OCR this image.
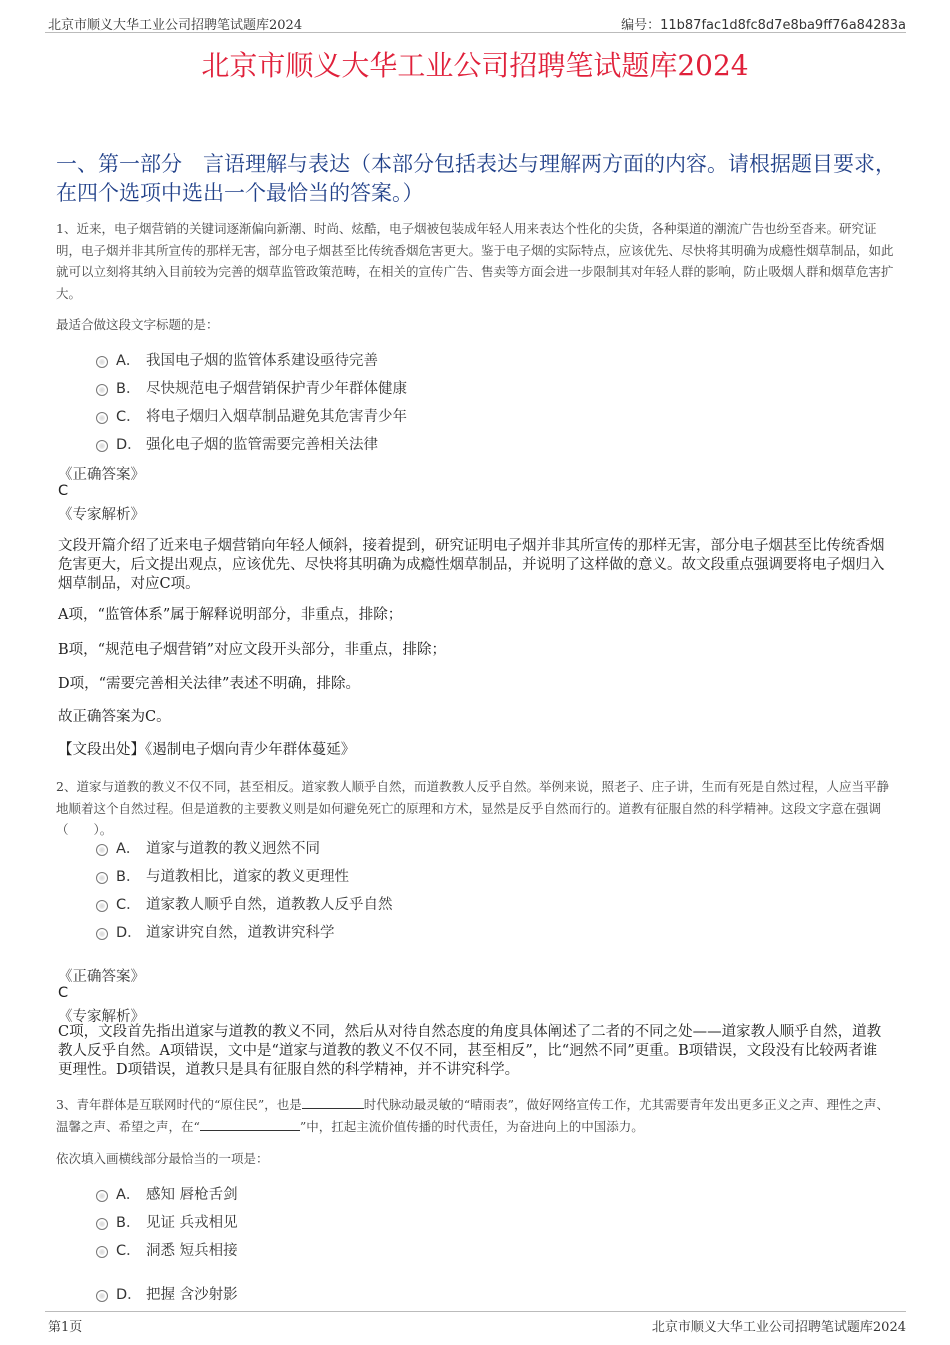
北京市顺义大华工业公司招聘笔试题库2024	编号：11b87fac1d8fc8d7e8ba9ff76a84283a
北京市顺义大华工业公司招聘笔试题库2024
一、第一部分　言语理解与表达（本部分包括表达与理解两方面的内容。请根据题目要求，在四个选项中选出一个最恰当的答案。）
1、近来，电子烟营销的关键词逐渐偏向新潮、时尚、炫酷，电子烟被包装成年轻人用来表达个性化的尖货，各种渠道的潮流广告也纷至沓来。研究证明，电子烟并非其所宣传的那样无害，部分电子烟甚至比传统香烟危害更大。鉴于电子烟的实际特点，应该优先、尽快将其明确为成瘾性烟草制品，如此就可以立刻将其纳入目前较为完善的烟草监管政策范畴，在相关的宣传广告、售卖等方面会进一步限制其对年轻人群的影响，防止吸烟人群和烟草危害扩大。
最适合做这段文字标题的是：
A． 我国电子烟的监管体系建设亟待完善
B． 尽快规范电子烟营销保护青少年群体健康
C． 将电子烟归入烟草制品避免其危害青少年
D． 强化电子烟的监管需要完善相关法律
《正确答案》
C
《专家解析》
文段开篇介绍了近来电子烟营销向年轻人倾斜，接着提到，研究证明电子烟并非其所宣传的那样无害，部分电子烟甚至比传统香烟危害更大，后文提出观点，应该优先、尽快将其明确为成瘾性烟草制品，并说明了这样做的意义。故文段重点强调要将电子烟归入烟草制品，对应C项。
A项，“监管体系”属于解释说明部分，非重点，排除；
B项，“规范电子烟营销”对应文段开头部分，非重点，排除；
D项，“需要完善相关法律”表述不明确，排除。
故正确答案为C。
【文段出处】《遏制电子烟向青少年群体蔓延》
2、道家与道教的教义不仅不同，甚至相反。道家教人顺乎自然，而道教教人反乎自然。举例来说，照老子、庄子讲，生而有死是自然过程，人应当平静地顺着这个自然过程。但是道教的主要教义则是如何避免死亡的原理和方术，显然是反乎自然而行的。道教有征服自然的科学精神。这段文字意在强调（　　）。
A． 道家与道教的教义迥然不同
B． 与道教相比，道家的教义更理性
C． 道家教人顺乎自然，道教教人反乎自然
D． 道家讲究自然，道教讲究科学
《正确答案》
C
《专家解析》
C项，文段首先指出道家与道教的教义不同，然后从对待自然态度的角度具体阐述了二者的不同之处——道家教人顺乎自然，道教教人反乎自然。A项错误，文中是“道家与道教的教义不仅不同，甚至相反”，比“迥然不同”更重。B项错误，文段没有比较两者谁更理性。D项错误，道教只是具有征服自然的科学精神，并不讲究科学。
3、青年群体是互联网时代的“原住民”，也是	时代脉动最灵敏的“晴雨表”，做好网络宣传工作，尤其需要青年发出更多正义之声、理性之声、温馨之声、希望之声，在“	”中，扛起主流价值传播的时代责任，为奋进向上的中国添力。
依次填入画横线部分最恰当的一项是：
A． 感知 唇枪舌剑
B． 见证 兵戎相见
C． 洞悉 短兵相接
D． 把握 含沙射影
第1页	北京市顺义大华工业公司招聘笔试题库2024
